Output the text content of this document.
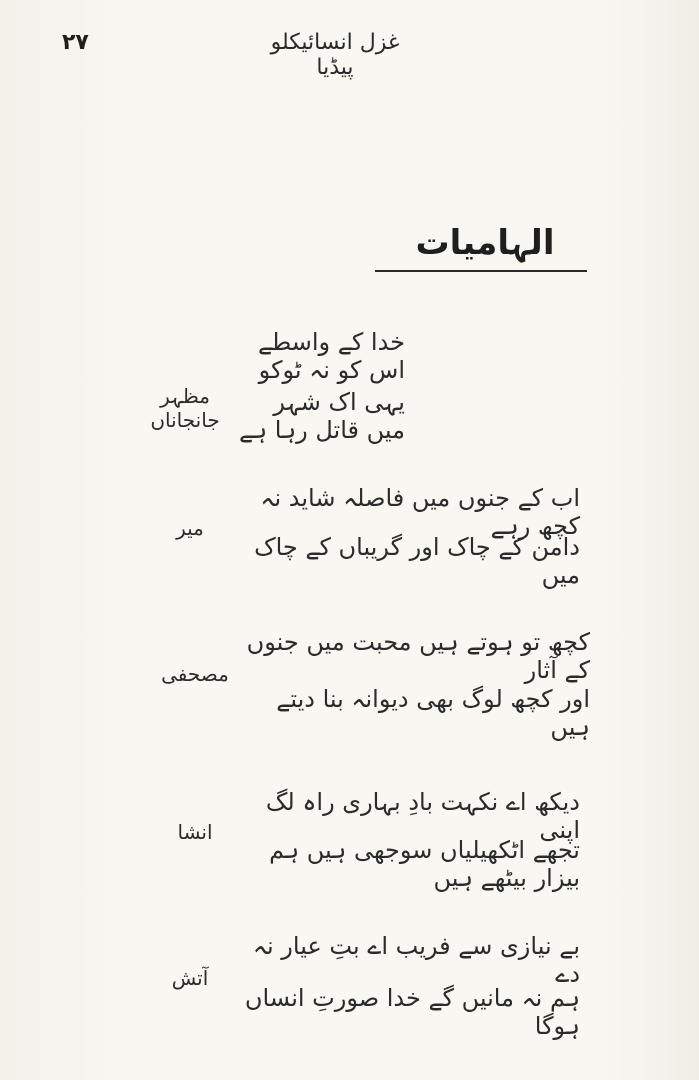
۲۷	غزل انسائیکلو پیڈیا
الہامیات
خدا کے واسطے اس کو نہ ٹوکو
یہی اک شہر میں قاتل رہا ہے
مظہر جانجاناں
اب کے جنوں میں فاصلہ شاید نہ کچھ رہے
دامن کے چاک اور گریباں کے چاک میں
میر
کچھ تو ہوتے ہیں محبت میں جنوں کے آثار
اور کچھ لوگ بھی دیوانہ بنا دیتے ہیں
مصحفی
دیکھ اے نکہت بادِ بہاری راہ لگ اپنی
تجھے اٹکھیلیاں سوجھی ہیں ہم بیزار بیٹھے ہیں
انشا
بے نیازی سے فریب اے بتِ عیار نہ دے
ہم نہ مانیں گے خدا صورتِ انساں ہوگا
آتش
